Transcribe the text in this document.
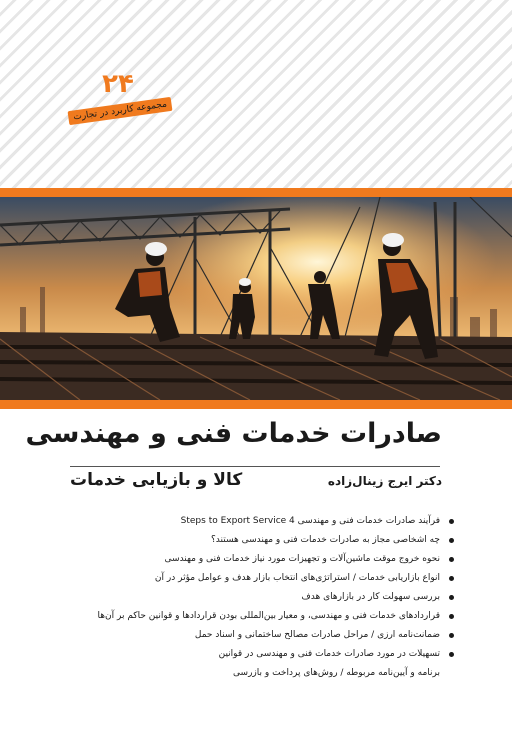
۲۴
مجموعه کاربرد در تجارت
صادرات خدمات فنی و مهندسی
کالا و بازیابی خدمات	دکتر ایرج زینال‌زاده
فرآیند صادرات خدمات فنی و مهندسی Steps to Export Service 4
چه اشخاصی مجاز به صادرات خدمات فنی و مهندسی هستند؟
نحوه خروج موقت ماشین‌آلات و تجهیزات مورد نیاز خدمات فنی و مهندسی
انواع بازاریابی خدمات / استراتژی‌های انتخاب بازار هدف و عوامل مؤثر در آن
بررسی سهولت کار در بازارهای هدف
قراردادهای خدمات فنی و مهندسی، و معیار بین‌المللی بودن قراردادها و قوانین حاکم بر آن‌ها
ضمانت‌نامه ارزی / مراحل صادرات مصالح ساختمانی و اسناد حمل
تسهیلات در مورد صادرات خدمات فنی و مهندسی در قوانین
برنامه و آیین‌نامه مربوطه / روش‌های پرداخت و بازرسی
